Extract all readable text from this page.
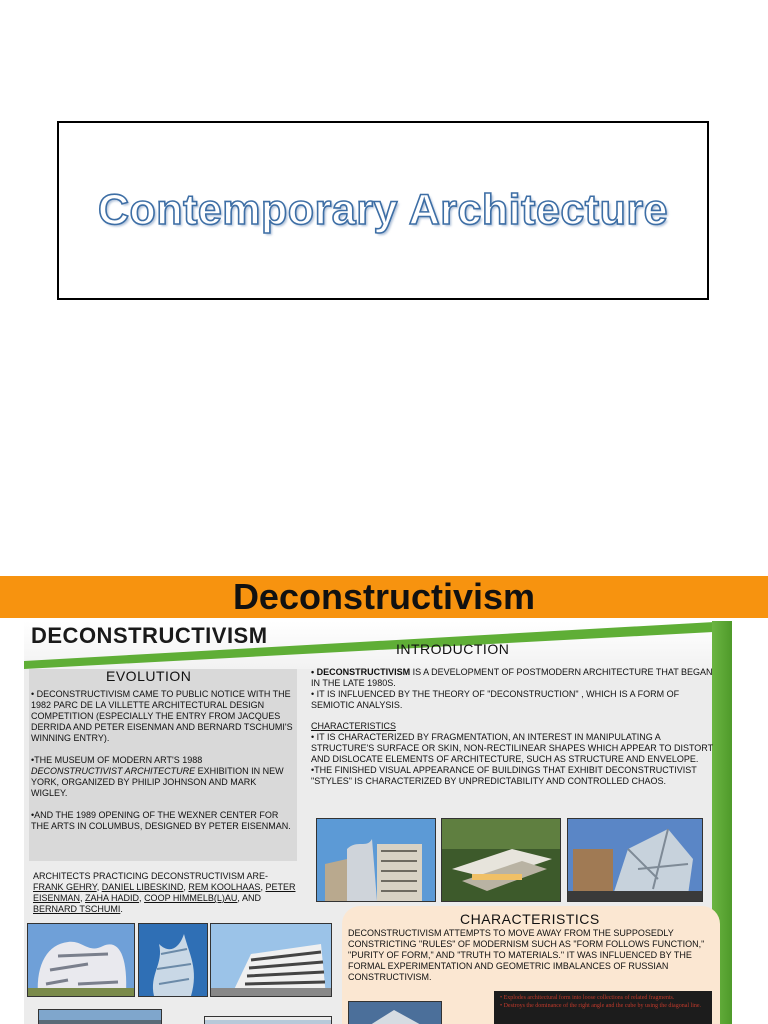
Contemporary Architecture
Deconstructivism
DECONSTRUCTIVISM
EVOLUTION
• DECONSTRUCTIVISM CAME TO PUBLIC NOTICE WITH THE 1982 PARC DE LA VILLETTE ARCHITECTURAL DESIGN COMPETITION (ESPECIALLY THE ENTRY FROM JACQUES DERRIDA AND PETER EISENMAN AND BERNARD TSCHUMI'S WINNING ENTRY).
•THE MUSEUM OF MODERN ART'S 1988
DECONSTRUCTIVIST ARCHITECTURE EXHIBITION IN NEW YORK, ORGANIZED BY PHILIP JOHNSON AND MARK WIGLEY.
•AND THE 1989 OPENING OF THE WEXNER CENTER FOR THE ARTS IN COLUMBUS, DESIGNED BY PETER EISENMAN.
ARCHITECTS PRACTICING DECONSTRUCTIVISM ARE- FRANK GEHRY, DANIEL LIBESKIND, REM KOOLHAAS, PETER EISENMAN, ZAHA HADID, COOP HIMMELB(L)AU, AND BERNARD TSCHUMI.
INTRODUCTION
• DECONSTRUCTIVISM IS A DEVELOPMENT OF POSTMODERN ARCHITECTURE THAT BEGAN IN THE LATE 1980S.
• IT IS INFLUENCED BY THE THEORY OF "DECONSTRUCTION" , WHICH IS A FORM OF SEMIOTIC ANALYSIS.
CHARACTERISTICS
• IT IS CHARACTERIZED BY FRAGMENTATION, AN INTEREST IN MANIPULATING A STRUCTURE'S SURFACE OR SKIN, NON-RECTILINEAR SHAPES WHICH APPEAR TO DISTORT AND DISLOCATE ELEMENTS OF ARCHITECTURE, SUCH AS STRUCTURE AND ENVELOPE.
•THE FINISHED VISUAL APPEARANCE OF BUILDINGS THAT EXHIBIT DECONSTRUCTIVIST "STYLES" IS CHARACTERIZED BY UNPREDICTABILITY AND CONTROLLED CHAOS.
CHARACTERISTICS
DECONSTRUCTIVISM ATTEMPTS TO MOVE AWAY FROM THE SUPPOSEDLY CONSTRICTING "RULES" OF MODERNISM SUCH AS "FORM FOLLOWS FUNCTION," "PURITY OF FORM," AND "TRUTH TO MATERIALS." IT WAS INFLUENCED BY THE FORMAL EXPERIMENTATION AND GEOMETRIC IMBALANCES OF RUSSIAN CONSTRUCTIVISM.
• Explodes architectural form into loose collections of related fragments.
• Destroys the dominance of the right angle and the cube by using the diagonal line.
